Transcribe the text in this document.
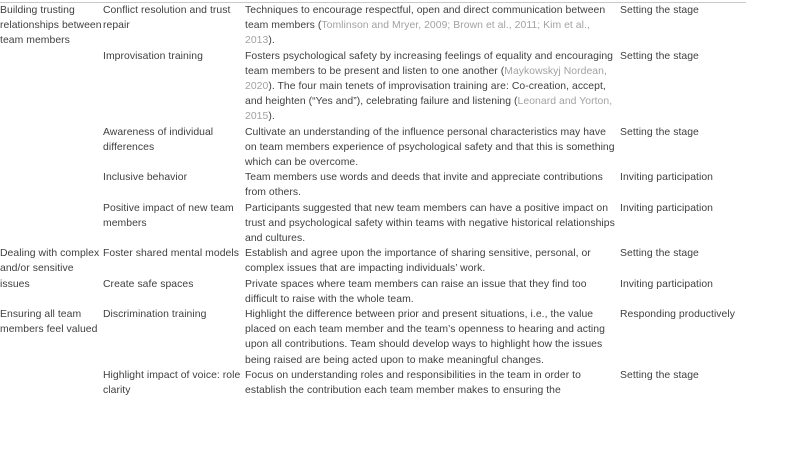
Building trusting relationships between team members	Conflict resolution and trust repair	Techniques to encourage respectful, open and direct communication between team members (Tomlinson and Mryer, 2009; Brown et al., 2011; Kim et al., 2013).	Setting the stage
	Improvisation training	Fosters psychological safety by increasing feelings of equality and encouraging team members to be present and listen to one another (Maykowskyj Nordean, 2020). The four main tenets of improvisation training are: Co-creation, accept, and heighten (“Yes and”), celebrating failure and listening (Leonard and Yorton, 2015).	Setting the stage
	Awareness of individual differences	Cultivate an understanding of the influence personal characteristics may have on team members experience of psychological safety and that this is something which can be overcome.	Setting the stage
	Inclusive behavior	Team members use words and deeds that invite and appreciate contributions from others.	Inviting participation
	Positive impact of new team members	Participants suggested that new team members can have a positive impact on trust and psychological safety within teams with negative historical relationships and cultures.	Inviting participation
Dealing with complex and/or sensitive issues	Foster shared mental models	Establish and agree upon the importance of sharing sensitive, personal, or complex issues that are impacting individuals’ work.	Setting the stage
	Create safe spaces	Private spaces where team members can raise an issue that they find too difficult to raise with the whole team.	Inviting participation
Ensuring all team members feel valued	Discrimination training	Highlight the difference between prior and present situations, i.e., the value placed on each team member and the team’s openness to hearing and acting upon all contributions. Team should develop ways to highlight how the issues being raised are being acted upon to make meaningful changes.	Responding productively
	Highlight impact of voice: role clarity	Focus on understanding roles and responsibilities in the team in order to establish the contribution each team member makes to ensuring the	Setting the stage
